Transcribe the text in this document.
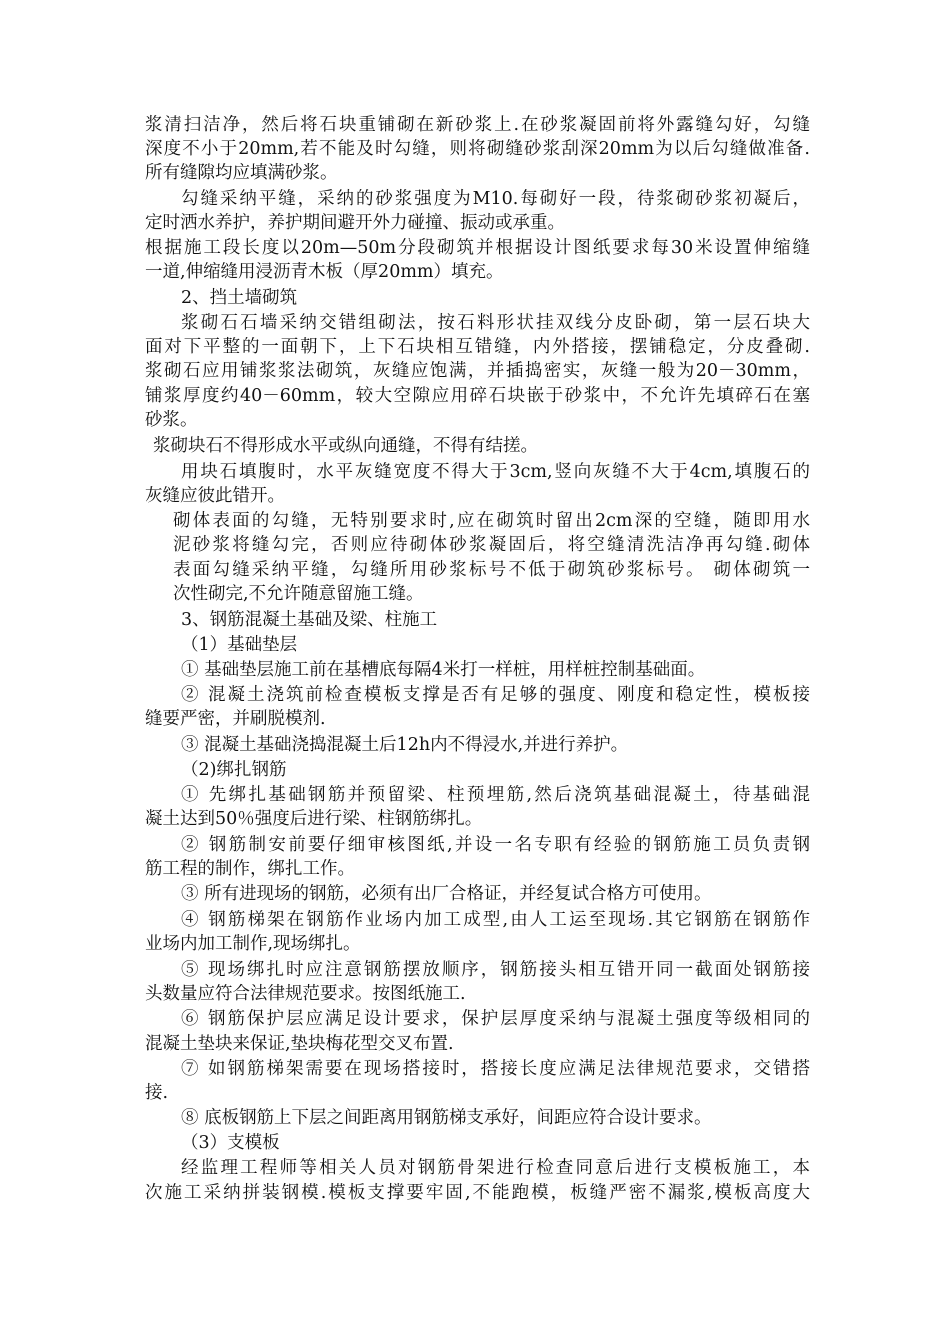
浆清扫洁净，然后将石块重铺砌在新砂浆上.在砂浆凝固前将外露缝勾好，勾缝
深度不小于20mm,若不能及时勾缝，则将砌缝砂浆刮深20mm为以后勾缝做准备.
所有缝隙均应填满砂浆。
勾缝采纳平缝，采纳的砂浆强度为M10.每砌好一段，待浆砌砂浆初凝后，
定时洒水养护，养护期间避开外力碰撞、振动或承重。
根据施工段长度以20m—50m分段砌筑并根据设计图纸要求每30米设置伸缩缝
一道,伸缩缝用浸沥青木板（厚20mm）填充。
2、挡土墙砌筑
浆砌石石墙采纳交错组砌法，按石料形状挂双线分皮卧砌，第一层石块大
面对下平整的一面朝下，上下石块相互错缝，内外搭接，摆铺稳定，分皮叠砌.
浆砌石应用铺浆浆法砌筑，灰缝应饱满，并插捣密实，灰缝一般为20－30mm，
铺浆厚度约40－60mm，较大空隙应用碎石块嵌于砂浆中，不允许先填碎石在塞
砂浆。
浆砌块石不得形成水平或纵向通缝，不得有结搓。
用块石填腹时，水平灰缝宽度不得大于3cm,竖向灰缝不大于4cm,填腹石的
灰缝应彼此错开。
砌体表面的勾缝，无特别要求时,应在砌筑时留出2cm深的空缝，随即用水
泥砂浆将缝勾完，否则应待砌体砂浆凝固后，将空缝清洗洁净再勾缝.砌体
表面勾缝采纳平缝，勾缝所用砂浆标号不低于砌筑砂浆标号。 砌体砌筑一
次性砌完,不允许随意留施工缝。
3、钢筋混凝土基础及梁、柱施工
（1）基础垫层
① 基础垫层施工前在基槽底每隔4米打一样桩，用样桩控制基础面。
② 混凝土浇筑前检查模板支撑是否有足够的强度、刚度和稳定性，模板接
缝要严密，并刷脱模剂.
③ 混凝土基础浇捣混凝土后12h内不得浸水,并进行养护。
（2)绑扎钢筋
① 先绑扎基础钢筋并预留梁、柱预埋筋,然后浇筑基础混凝土，待基础混
凝土达到50％强度后进行梁、柱钢筋绑扎。
② 钢筋制安前要仔细审核图纸,并设一名专职有经验的钢筋施工员负责钢
筋工程的制作，绑扎工作。
③ 所有进现场的钢筋，必须有出厂合格证，并经复试合格方可使用。
④ 钢筋梯架在钢筋作业场内加工成型,由人工运至现场.其它钢筋在钢筋作
业场内加工制作,现场绑扎。
⑤ 现场绑扎时应注意钢筋摆放顺序，钢筋接头相互错开同一截面处钢筋接
头数量应符合法律规范要求。按图纸施工.
⑥ 钢筋保护层应满足设计要求，保护层厚度采纳与混凝土强度等级相同的
混凝土垫块来保证,垫块梅花型交叉布置.
⑦ 如钢筋梯架需要在现场搭接时，搭接长度应满足法律规范要求，交错搭
接.
⑧ 底板钢筋上下层之间距离用钢筋梯支承好，间距应符合设计要求。
（3）支模板
经监理工程师等相关人员对钢筋骨架进行检查同意后进行支模板施工，本
次施工采纳拼装钢模.模板支撑要牢固,不能跑模，板缝严密不漏浆,模板高度大
